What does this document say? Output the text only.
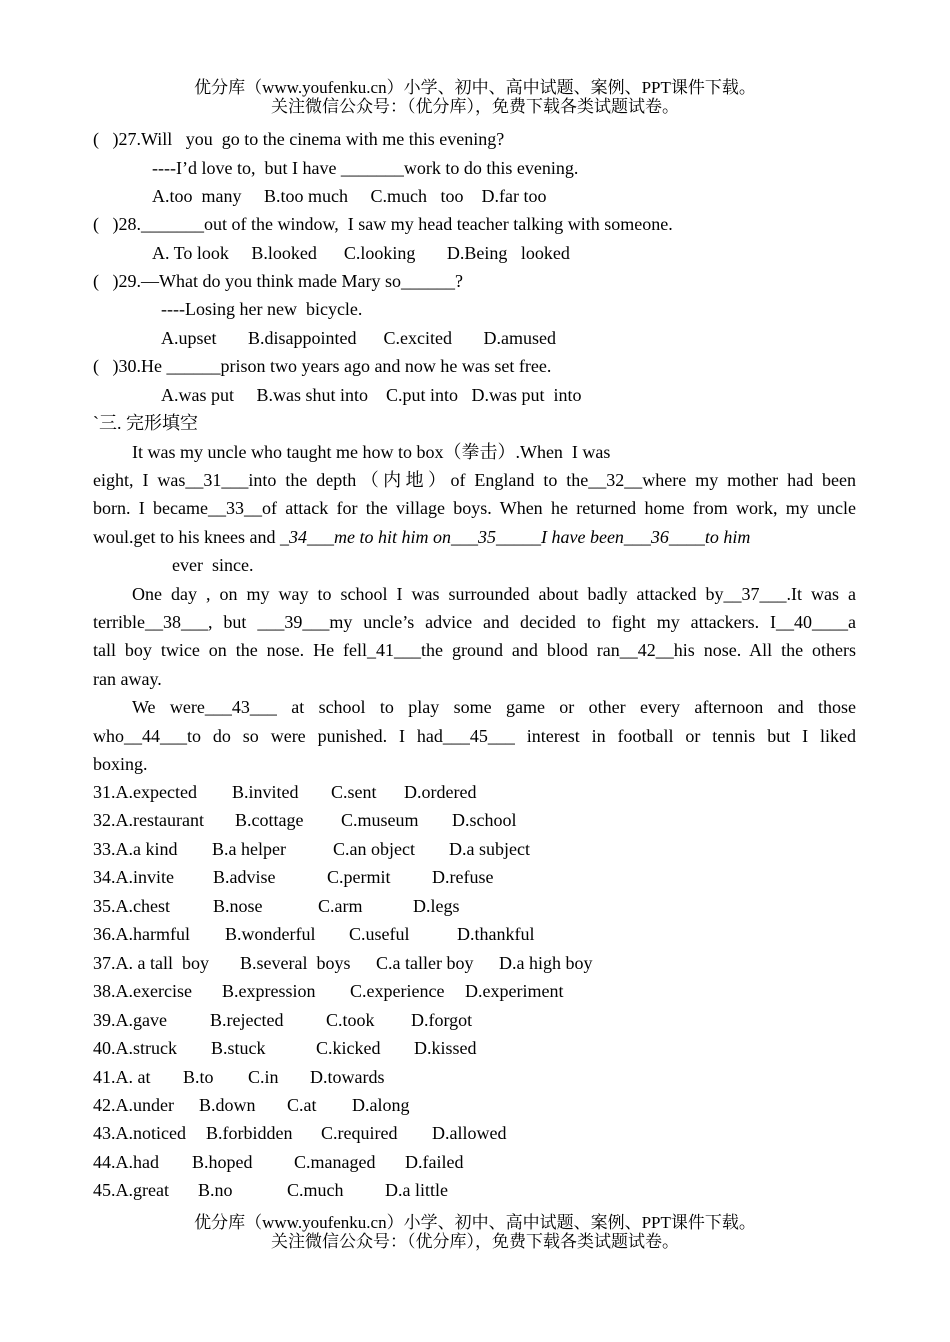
优分库（www.youfenku.cn）小学、初中、高中试题、案例、PPT课件下载。
关注微信公众号：（优分库），免费下载各类试题试卷。
(   )27.Will   you  go to the cinema with me this evening?
----I’d love to,  but I have _______work to do this evening.
A.too  many     B.too much     C.much   too    D.far too
(   )28._______out of the window,  I saw my head teacher talking with someone.
A. To look     B.looked      C.looking       D.Being   looked
(   )29.—What do you think made Mary so______?
----Losing her new  bicycle.
A.upset       B.disappointed      C.excited       D.amused
(   )30.He ______prison two years ago and now he was set free.
A.was put     B.was shut into    C.put into   D.was put  into
`三. 完形填空
It was my uncle who taught me how to box（拳击）.When  I was
eight, I was__31___into the depth（内地）of England to the__32__where my mother had been
born. I became__33__of attack for the village boys. When he returned home from work, my uncle
woul.get to his knees and _34___me to hit him on___35_____I have been___36____to him
ever  since.
One day , on my way to school I was surrounded about badly attacked by__37___.It was a
terrible__38___, but ___39___my uncle’s advice and decided to fight my attackers. I__40____a
tall boy twice on the nose. He fell_41___the ground and blood ran__42__his nose. All the others
ran away.
We were___43___ at school to play some game or other every afternoon and those
who__44___to do so were punished. I had___45___ interest in football or tennis but I liked
boxing.
31.A.expected B.invited C.sent D.ordered
32.A.restaurant B.cottage C.museum D.school
33.A.a kind B.a helper	C.an object D.a subject
34.A.invite B.advise	C.permit D.refuse
35.A.chest B.nose	C.arm	D.legs
36.A.harmful B.wonderful C.useful	D.thankful
37.A. a tall  boy B.several  boys C.a taller boy D.a high boy
38.A.exercise B.expression C.experience D.experiment
39.A.gave B.rejected C.took D.forgot
40.A.struck B.stuck	C.kicked D.kissed
41.A. at B.to C.in D.towards
42.A.under B.down C.at D.along
43.A.noticed B.forbidden C.required D.allowed
44.A.had B.hoped C.managed D.failed
45.A.great B.no	C.much D.a little
优分库（www.youfenku.cn）小学、初中、高中试题、案例、PPT课件下载。
关注微信公众号：（优分库），免费下载各类试题试卷。
